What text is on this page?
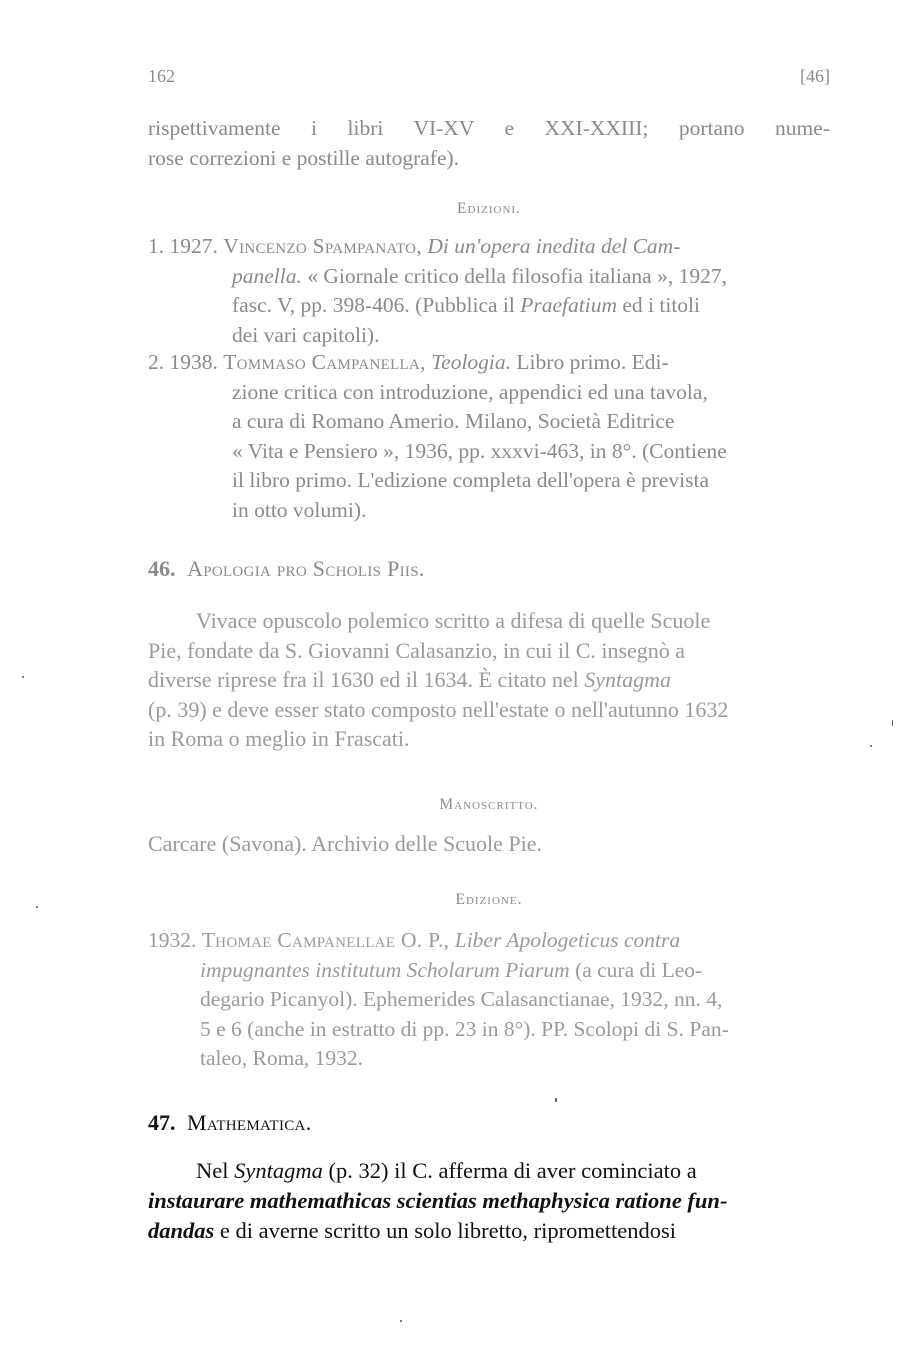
162	[46]
rispettivamente i libri VI-XV e XXI-XXIII; portano nume-
rose correzioni e postille autografe).
Edizioni.
1. 1927. Vincenzo Spampanato, Di un'opera inedita del Cam-
panella. « Giornale critico della filosofia italiana », 1927,
fasc. V, pp. 398-406. (Pubblica il Praefatium ed i titoli
dei vari capitoli).
2. 1938. Tommaso Campanella, Teologia. Libro primo. Edi-
zione critica con introduzione, appendici ed una tavola,
a cura di Romano Amerio. Milano, Società Editrice
« Vita e Pensiero », 1936, pp. xxxvi-463, in 8°. (Contiene
il libro primo. L'edizione completa dell'opera è prevista
in otto volumi).
46. Apologia pro Scholis Piis.
Vivace opuscolo polemico scritto a difesa di quelle Scuole
Pie, fondate da S. Giovanni Calasanzio, in cui il C. insegnò a
diverse riprese fra il 1630 ed il 1634. È citato nel Syntagma
(p. 39) e deve esser stato composto nell'estate o nell'autunno 1632
in Roma o meglio in Frascati.
Manoscritto.
Carcare (Savona). Archivio delle Scuole Pie.
Edizione.
1932. Thomae Campanellae O. P., Liber Apologeticus contra
impugnantes institutum Scholarum Piarum (a cura di Leo-
degario Picanyol). Ephemerides Calasanctianae, 1932, nn. 4,
5 e 6 (anche in estratto di pp. 23 in 8°). PP. Scolopi di S. Pan-
taleo, Roma, 1932.
47. Mathematica.
Nel Syntagma (p. 32) il C. afferma di aver cominciato a
instaurare mathemathicas scientias methaphysica ratione fun-
dandas e di averne scritto un solo libretto, ripromettendosi
